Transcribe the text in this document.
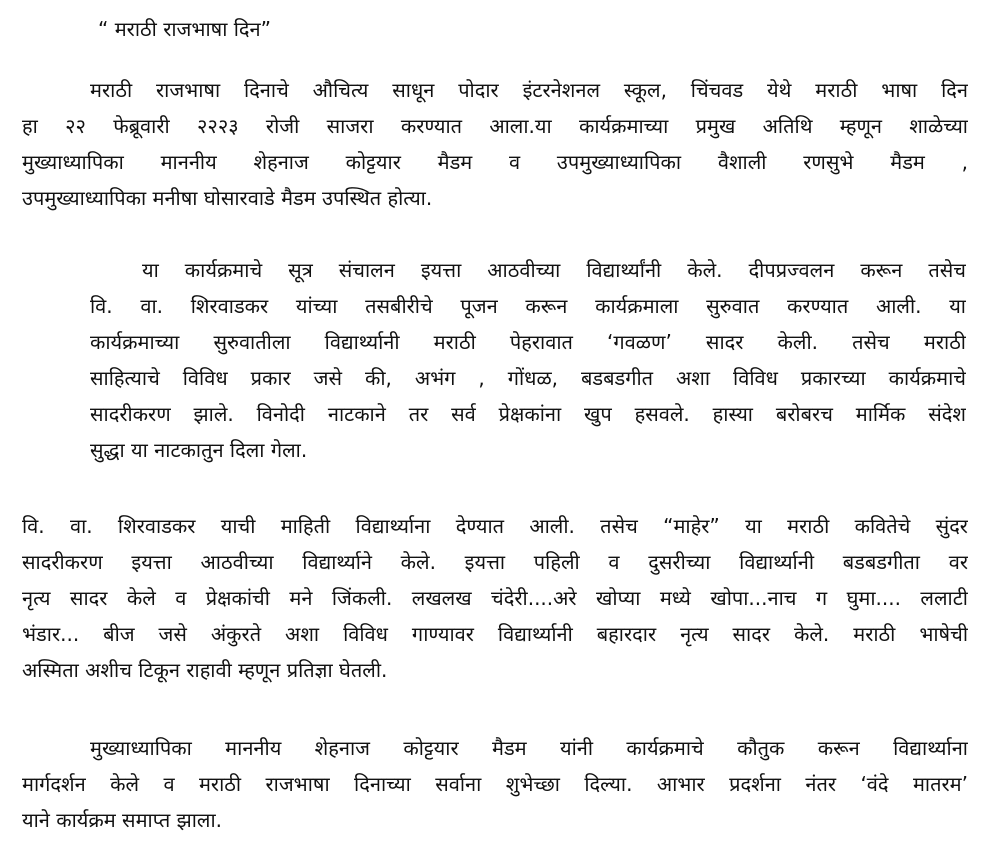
“ मराठी राजभाषा दिन”
मराठी राजभाषा दिनाचे औचित्य साधून पोदार इंटरनेशनल स्कूल, चिंचवड येथे मराठी भाषा दिन
हा २२ फेब्रूवारी २२२३ रोजी साजरा करण्यात आला.या कार्यक्रमाच्या प्रमुख अतिथि म्हणून शाळेच्या
मुख्याध्यापिका माननीय शेहनाज कोट्टयार मैडम व उपमुख्याध्यापिका वैशाली रणसुभे मैडम ,
उपमुख्याध्यापिका मनीषा घोसारवाडे मैडम उपस्थित होत्या.
या कार्यक्रमाचे सूत्र संचालन इयत्ता आठवीच्या विद्यार्थ्यांनी केले. दीपप्रज्वलन करून तसेच
वि. वा. शिरवाडकर यांच्या तसबीरीचे पूजन करून कार्यक्रमाला सुरुवात करण्यात आली. या
कार्यक्रमाच्या सुरुवातीला विद्यार्थ्यानी मराठी पेहरावात ‘गवळण’ सादर केली. तसेच मराठी
साहित्याचे विविध प्रकार जसे की, अभंग , गोंधळ, बडबडगीत अशा विविध प्रकारच्या कार्यक्रमाचे
सादरीकरण झाले. विनोदी नाटकाने तर सर्व प्रेक्षकांना खुप हसवले. हास्या बरोबरच मार्मिक संदेश
सुद्धा या नाटकातुन दिला गेला.
वि. वा. शिरवाडकर याची माहिती विद्यार्थ्याना देण्यात आली. तसेच “माहेर” या मराठी कवितेचे सुंदर
सादरीकरण इयत्ता आठवीच्या विद्यार्थ्याने केले. इयत्ता पहिली व दुसरीच्या विद्यार्थ्यानी बडबडगीता वर
नृत्य सादर केले व प्रेक्षकांची मने जिंकली. लखलख चंदेरी....अरे खोप्या मध्ये खोपा...नाच ग घुमा.... ललाटी
भंडार... बीज जसे अंकुरते अशा विविध गाण्यावर विद्यार्थ्यानी बहारदार नृत्य सादर केले. मराठी भाषेची
अस्मिता अशीच टिकून राहावी म्हणून प्रतिज्ञा घेतली.
मुख्याध्यापिका माननीय शेहनाज कोट्टयार मैडम यांनी कार्यक्रमाचे कौतुक करून विद्यार्थ्याना
मार्गदर्शन केले व मराठी राजभाषा दिनाच्या सर्वाना शुभेच्छा दिल्या. आभार प्रदर्शना नंतर ‘वंदे मातरम’
याने कार्यक्रम समाप्त झाला.
